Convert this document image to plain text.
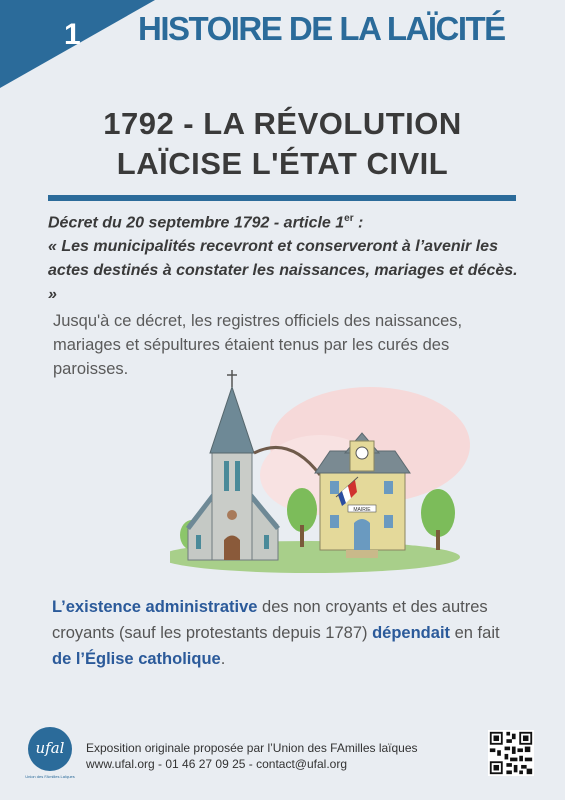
1 HISTOIRE DE LA LAÏCITÉ
1792 - LA RÉVOLUTION
LAÏCISE L'ÉTAT CIVIL
Décret du 20 septembre 1792 - article 1er :
« Les municipalités recevront et conserveront à l’avenir les actes destinés à constater les naissances, mariages et décès. »
Jusqu'à ce décret, les registres officiels des naissances, mariages et sépultures étaient tenus par les curés des paroisses.
MAIRIE
L’existence administrative des non croyants et des autres croyants (sauf les protestants depuis 1787) dépendait en fait de l’Église catholique.
ufal
Union des FAmilles Laïques
Exposition originale proposée par l’Union des FAmilles laïques
www.ufal.org - 01 46 27 09 25 - contact@ufal.org
